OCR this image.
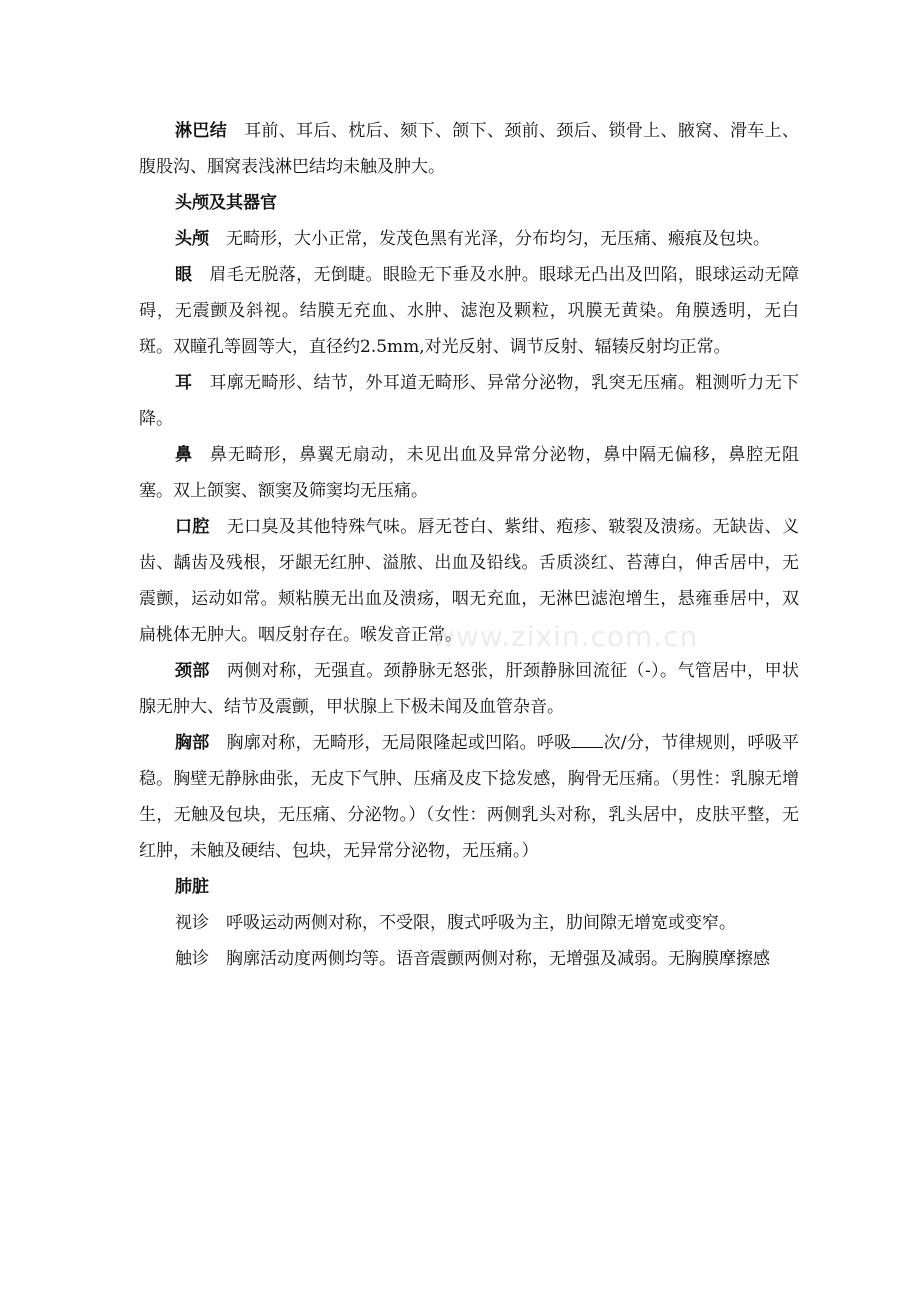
淋巴结 耳前、耳后、枕后、颏下、颌下、颈前、颈后、锁骨上、腋窝、滑车上、腹股沟、腘窝表浅淋巴结均未触及肿大。

头颅及其器官

头颅 无畸形，大小正常，发茂色黑有光泽，分布均匀，无压痛、瘢痕及包块。

眼 眉毛无脱落，无倒睫。眼睑无下垂及水肿。眼球无凸出及凹陷，眼球运动无障碍，无震颤及斜视。结膜无充血、水肿、滤泡及颗粒，巩膜无黄染。角膜透明，无白斑。双瞳孔等圆等大，直径约2.5mm,对光反射、调节反射、辐辏反射均正常。

耳 耳廓无畸形、结节，外耳道无畸形、异常分泌物，乳突无压痛。粗测听力无下降。

鼻 鼻无畸形，鼻翼无扇动，未见出血及异常分泌物，鼻中隔无偏移，鼻腔无阻塞。双上颌窦、额窦及筛窦均无压痛。

口腔 无口臭及其他特殊气味。唇无苍白、紫绀、疱疹、皲裂及溃疡。无缺齿、义齿、龋齿及残根，牙龈无红肿、溢脓、出血及铅线。舌质淡红、苔薄白，伸舌居中，无震颤，运动如常。颊粘膜无出血及溃疡，咽无充血，无淋巴滤泡增生，悬雍垂居中，双扁桃体无肿大。咽反射存在。喉发音正常。

颈部 两侧对称，无强直。颈静脉无怒张，肝颈静脉回流征（-）。气管居中，甲状腺无肿大、结节及震颤，甲状腺上下极未闻及血管杂音。

胸部 胸廓对称，无畸形，无局限隆起或凹陷。呼吸 次/分，节律规则，呼吸平稳。胸壁无静脉曲张，无皮下气肿、压痛及皮下捻发感，胸骨无压痛。（男性：乳腺无增生，无触及包块，无压痛、分泌物。）（女性：两侧乳头对称，乳头居中，皮肤平整，无红肿，未触及硬结、包块，无异常分泌物，无压痛。）

肺脏

视诊 呼吸运动两侧对称，不受限，腹式呼吸为主，肋间隙无增宽或变窄。

触诊 胸廓活动度两侧均等。语音震颤两侧对称，无增强及减弱。无胸膜摩擦感

www.zixin.com.cn
